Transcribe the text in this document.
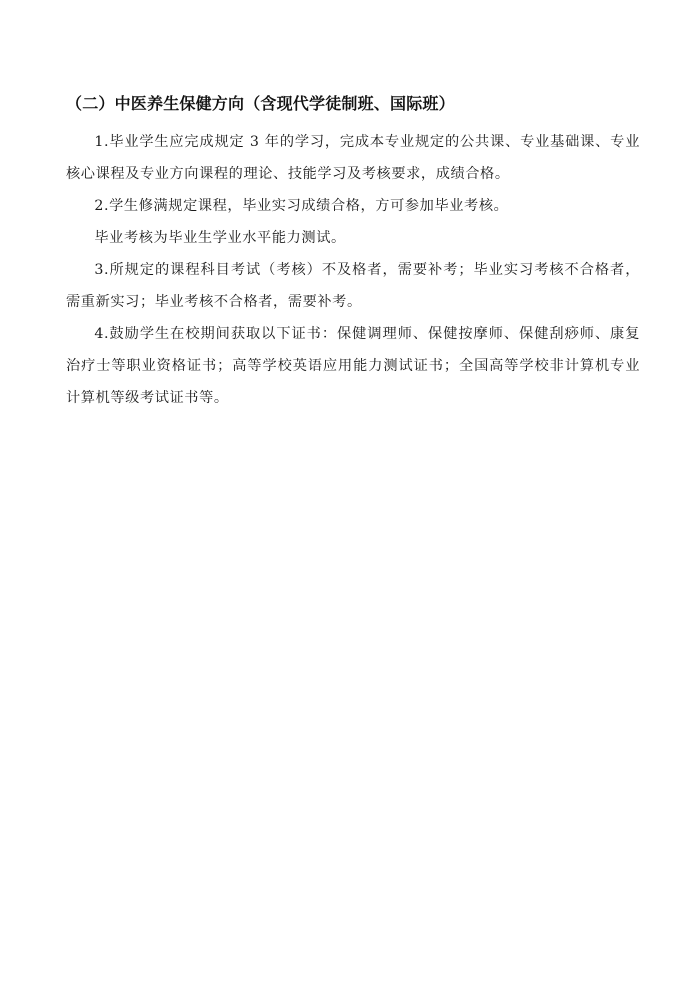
（二）中医养生保健方向（含现代学徒制班、国际班）

1.毕业学生应完成规定 3 年的学习，完成本专业规定的公共课、专业基础课、专业核心课程及专业方向课程的理论、技能学习及考核要求，成绩合格。

2.学生修满规定课程，毕业实习成绩合格，方可参加毕业考核。

毕业考核为毕业生学业水平能力测试。

3.所规定的课程科目考试（考核）不及格者，需要补考；毕业实习考核不合格者，需重新实习；毕业考核不合格者，需要补考。

4.鼓励学生在校期间获取以下证书：保健调理师、保健按摩师、保健刮痧师、康复治疗士等职业资格证书；高等学校英语应用能力测试证书；全国高等学校非计算机专业计算机等级考试证书等。
